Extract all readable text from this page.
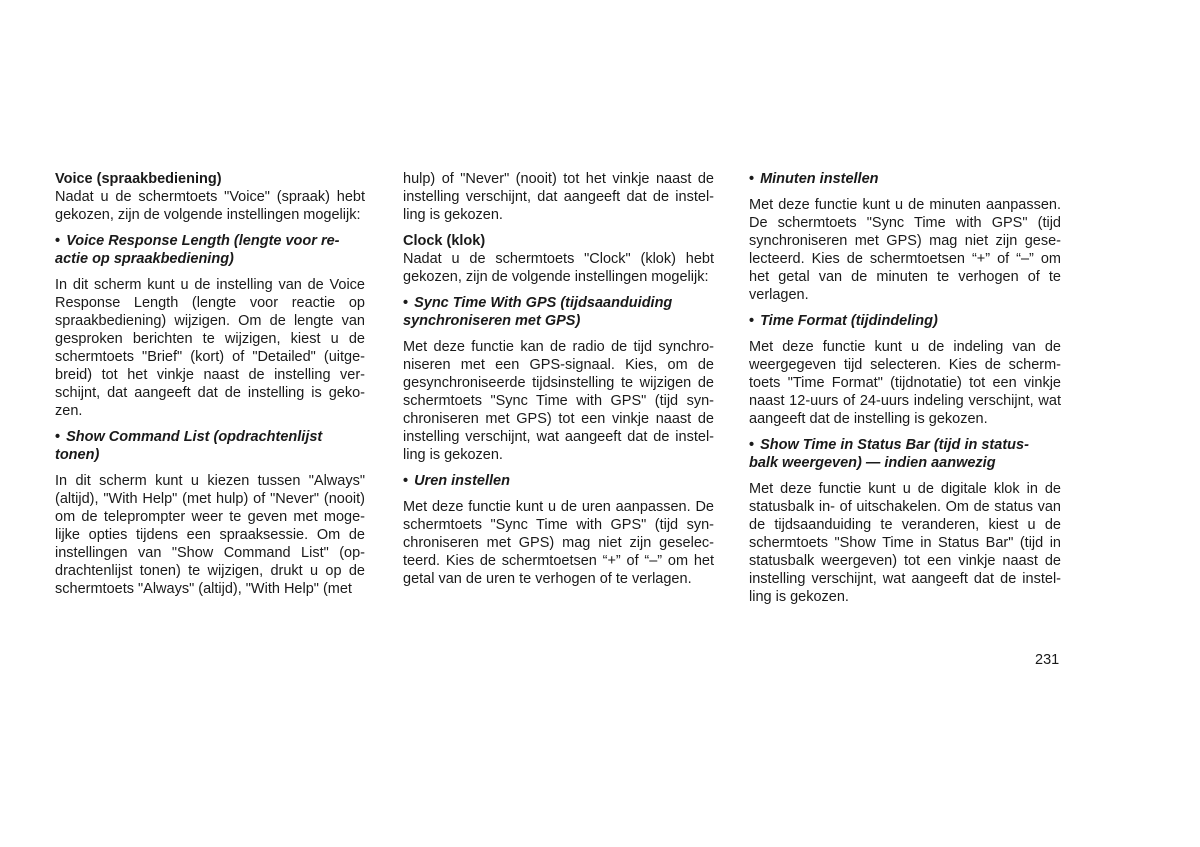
Voice (spraakbediening)

Nadat u de schermtoets "Voice" (spraak) hebt gekozen, zijn de volgende instellingen mogelijk:

• Voice Response Length (lengte voor re-
actie op spraakbediening)

In dit scherm kunt u de instelling van de Voice Response Length (lengte voor reactie op spraakbediening) wijzigen. Om de lengte van gesproken berichten te wijzigen, kiest u de schermtoets "Brief" (kort) of "Detailed" (uitge-breid) tot het vinkje naast de instelling ver-schijnt, dat aangeeft dat de instelling is geko-zen.

• Show Command List (opdrachtenlijst
tonen)

In dit scherm kunt u kiezen tussen "Always" (altijd), "With Help" (met hulp) of "Never" (nooit) om de teleprompter weer te geven met moge-lijke opties tijdens een spraaksessie. Om de instellingen van "Show Command List" (op-drachtenlijst tonen) te wijzigen, drukt u op de schermtoets "Always" (altijd), "With Help" (met

hulp) of "Never" (nooit) tot het vinkje naast de instelling verschijnt, dat aangeeft dat de instel-ling is gekozen.

Clock (klok)

Nadat u de schermtoets "Clock" (klok) hebt gekozen, zijn de volgende instellingen mogelijk:

• Sync Time With GPS (tijdsaanduiding
synchroniseren met GPS)

Met deze functie kan de radio de tijd synchro-niseren met een GPS-signaal. Kies, om de gesynchroniseerde tijdsinstelling te wijzigen de schermtoets "Sync Time with GPS" (tijd syn-chroniseren met GPS) tot een vinkje naast de instelling verschijnt, wat aangeeft dat de instel-ling is gekozen.

• Uren instellen

Met deze functie kunt u de uren aanpassen. De schermtoets "Sync Time with GPS" (tijd syn-chroniseren met GPS) mag niet zijn geselec-teerd. Kies de schermtoetsen “+” of “–” om het getal van de uren te verhogen of te verlagen.

• Minuten instellen

Met deze functie kunt u de minuten aanpassen. De schermtoets "Sync Time with GPS" (tijd synchroniseren met GPS) mag niet zijn gese-lecteerd. Kies de schermtoetsen “+” of “–” om het getal van de minuten te verhogen of te verlagen.

• Time Format (tijdindeling)

Met deze functie kunt u de indeling van de weergegeven tijd selecteren. Kies de scherm-toets "Time Format" (tijdnotatie) tot een vinkje naast 12-uurs of 24-uurs indeling verschijnt, wat aangeeft dat de instelling is gekozen.

• Show Time in Status Bar (tijd in status-
balk weergeven) — indien aanwezig

Met deze functie kunt u de digitale klok in de statusbalk in- of uitschakelen. Om de status van de tijdsaanduiding te veranderen, kiest u de schermtoets "Show Time in Status Bar" (tijd in statusbalk weergeven) tot een vinkje naast de instelling verschijnt, wat aangeeft dat de instel-ling is gekozen.

231
